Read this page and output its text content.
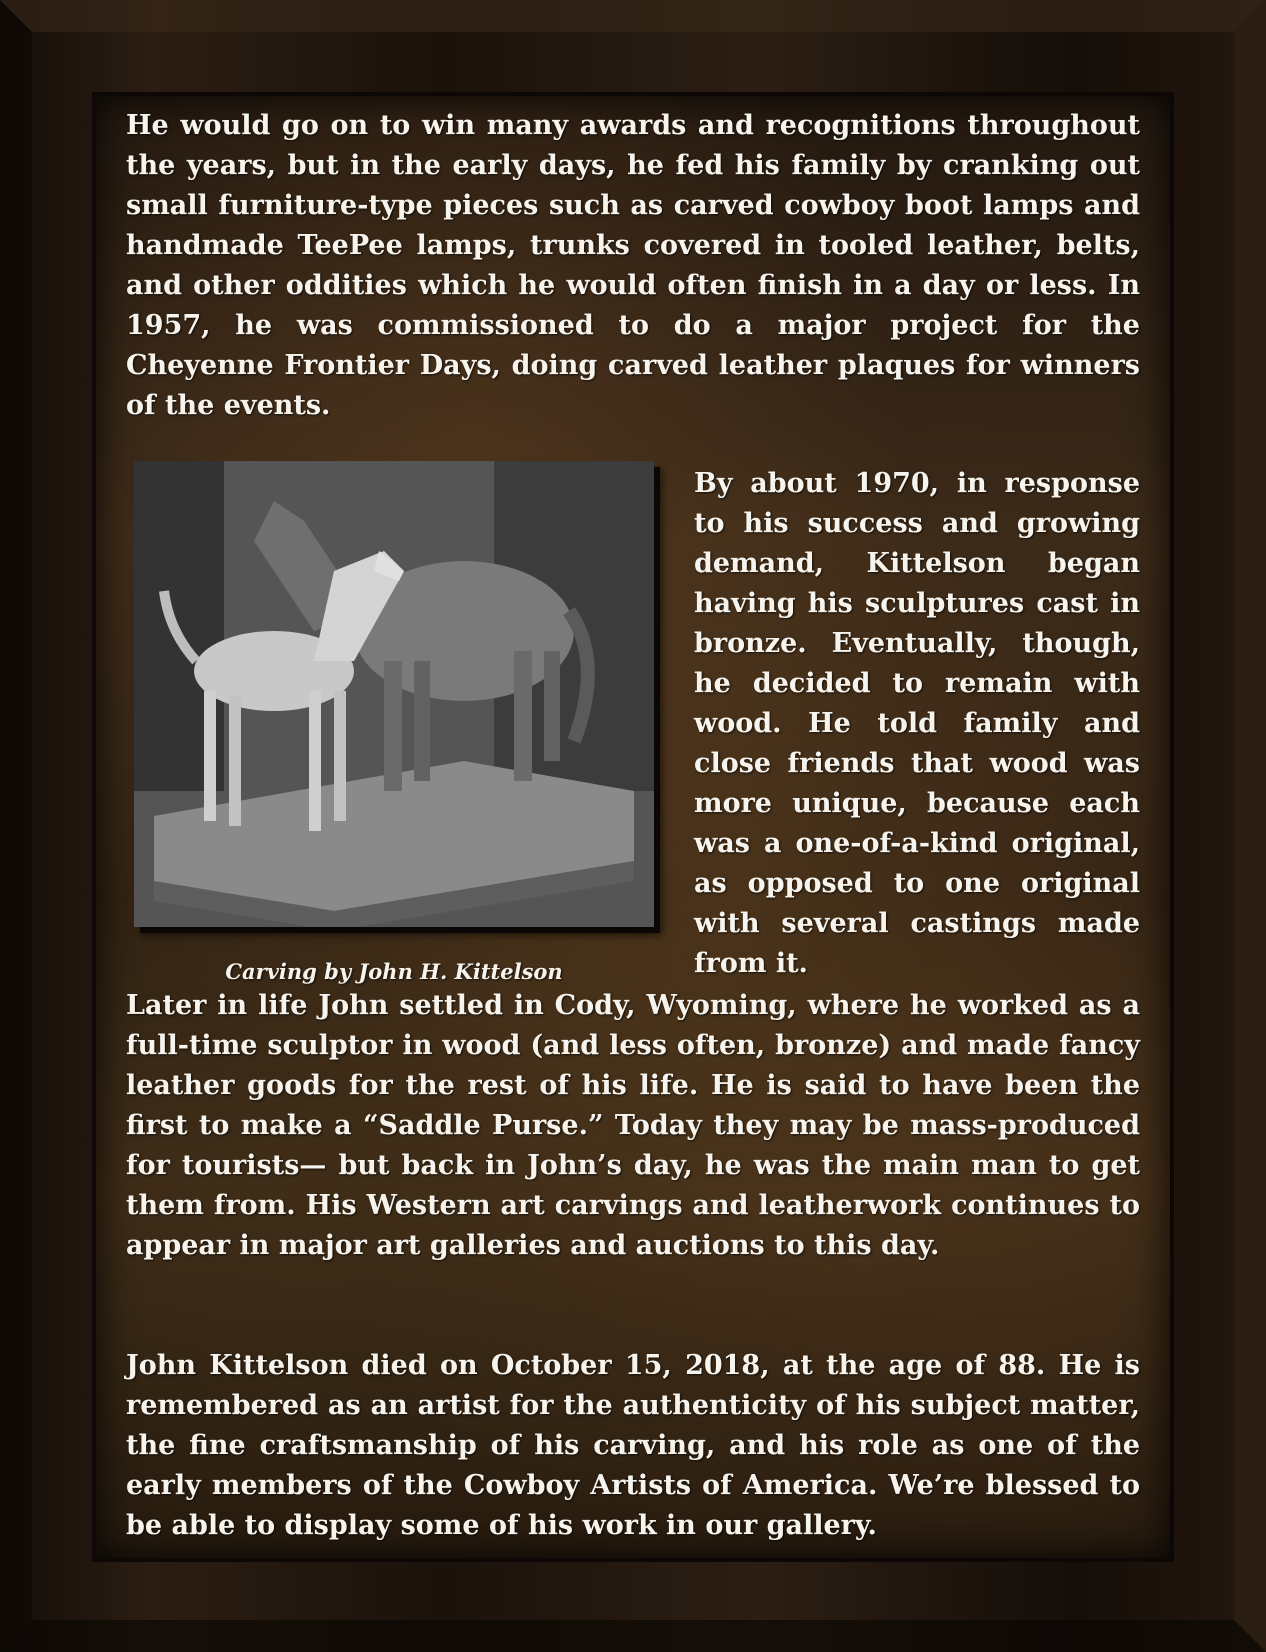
He would go on to win many awards and recognitions throughout the years, but in the early days, he fed his family by cranking out small furniture-type pieces such as carved cowboy boot lamps and handmade TeePee lamps, trunks covered in tooled leather, belts, and other oddities which he would often finish in a day or less. In 1957, he was commissioned to do a major project for the Cheyenne Frontier Days, doing carved leather plaques for winners of the events.

Carving by John H. Kittelson

By about 1970, in response to his success and growing demand, Kittelson began having his sculptures cast in bronze. Eventually, though, he decided to remain with wood. He told family and close friends that wood was more unique, because each was a one-of-a-kind original, as opposed to one original with several castings made from it.

Later in life John settled in Cody, Wyoming, where he worked as a full-time sculptor in wood (and less often, bronze) and made fancy leather goods for the rest of his life. He is said to have been the first to make a “Saddle Purse.” Today they may be mass-produced for tourists— but back in John’s day, he was the main man to get them from. His Western art carvings and leatherwork continues to appear in major art galleries and auctions to this day.

John Kittelson died on October 15, 2018, at the age of 88. He is remembered as an artist for the authenticity of his subject matter, the fine craftsmanship of his carving, and his role as one of the early members of the Cowboy Artists of America. We’re blessed to be able to display some of his work in our gallery.
